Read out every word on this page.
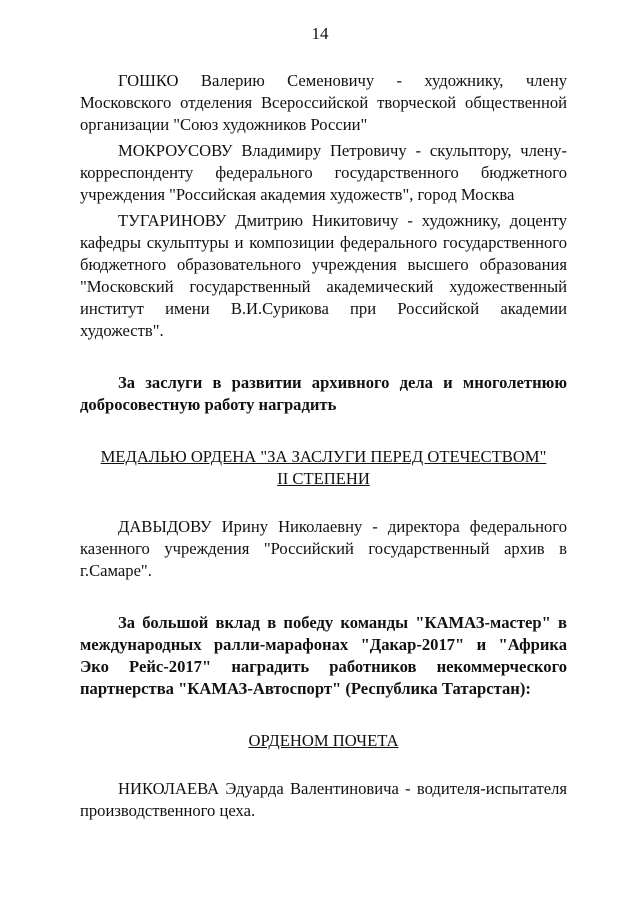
14

ГОШКО Валерию Семеновичу - художнику, члену Московского отделения Всероссийской творческой общественной организации "Союз художников России"

МОКРОУСОВУ Владимиру Петровичу - скульптору, члену-корреспонденту федерального государственного бюджетного учреждения "Российская академия художеств", город Москва

ТУГАРИНОВУ Дмитрию Никитовичу - художнику, доценту кафедры скульптуры и композиции федерального государственного бюджетного образовательного учреждения высшего образования "Московский государственный академический художественный институт имени В.И.Сурикова при Российской академии художеств".

За заслуги в развитии архивного дела и многолетнюю добросовестную работу наградить

МЕДАЛЬЮ ОРДЕНА "ЗА ЗАСЛУГИ ПЕРЕД ОТЕЧЕСТВОМ"

II СТЕПЕНИ

ДАВЫДОВУ Ирину Николаевну - директора федерального казенного учреждения "Российский государственный архив в г.Самаре".

За большой вклад в победу команды "КАМАЗ-мастер" в международных ралли-марафонах "Дакар-2017" и "Африка Эко Рейс-2017" наградить работников некоммерческого партнерства "КАМАЗ-Автоспорт" (Республика Татарстан):

ОРДЕНОМ ПОЧЕТА

НИКОЛАЕВА Эдуарда Валентиновича - водителя-испытателя производственного цеха.
